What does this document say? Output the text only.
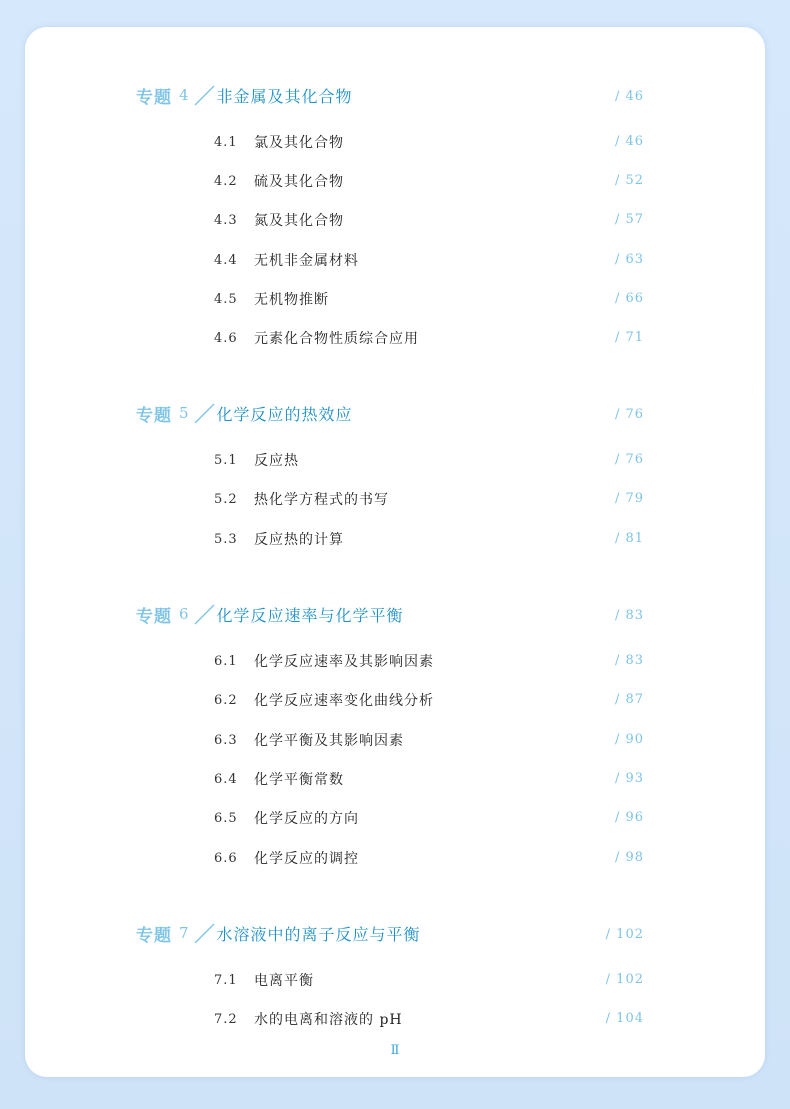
专题 4 非金属及其化合物	/ 46
4.1	氯及其化合物	/ 46
4.2	硫及其化合物	/ 52
4.3	氮及其化合物	/ 57
4.4	无机非金属材料	/ 63
4.5	无机物推断	/ 66
4.6	元素化合物性质综合应用	/ 71
专题 5 化学反应的热效应	/ 76
5.1	反应热	/ 76
5.2	热化学方程式的书写	/ 79
5.3	反应热的计算	/ 81
专题 6 化学反应速率与化学平衡	/ 83
6.1	化学反应速率及其影响因素	/ 83
6.2	化学反应速率变化曲线分析	/ 87
6.3	化学平衡及其影响因素	/ 90
6.4	化学平衡常数	/ 93
6.5	化学反应的方向	/ 96
6.6	化学反应的调控	/ 98
专题 7 水溶液中的离子反应与平衡	/ 102
7.1	电离平衡	/ 102
7.2	水的电离和溶液的 pH	/ 104
Ⅱ
